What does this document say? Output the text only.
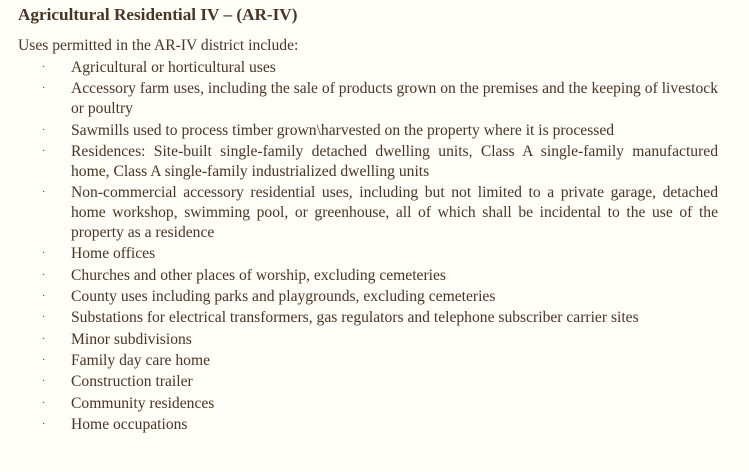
Agricultural Residential IV – (AR-IV)
Uses permitted in the AR-IV district include:
· Agricultural or horticultural uses
· Accessory farm uses, including the sale of products grown on the premises and the keeping of livestock or poultry
· Sawmills used to process timber grown\harvested on the property where it is processed
· Residences: Site-built single-family detached dwelling units, Class A single-family manufactured home, Class A single-family industrialized dwelling units
· Non-commercial accessory residential uses, including but not limited to a private garage, detached home workshop, swimming pool, or greenhouse, all of which shall be incidental to the use of the property as a residence
· Home offices
· Churches and other places of worship, excluding cemeteries
· County uses including parks and playgrounds, excluding cemeteries
· Substations for electrical transformers, gas regulators and telephone subscriber carrier sites
· Minor subdivisions
· Family day care home
· Construction trailer
· Community residences
· Home occupations
